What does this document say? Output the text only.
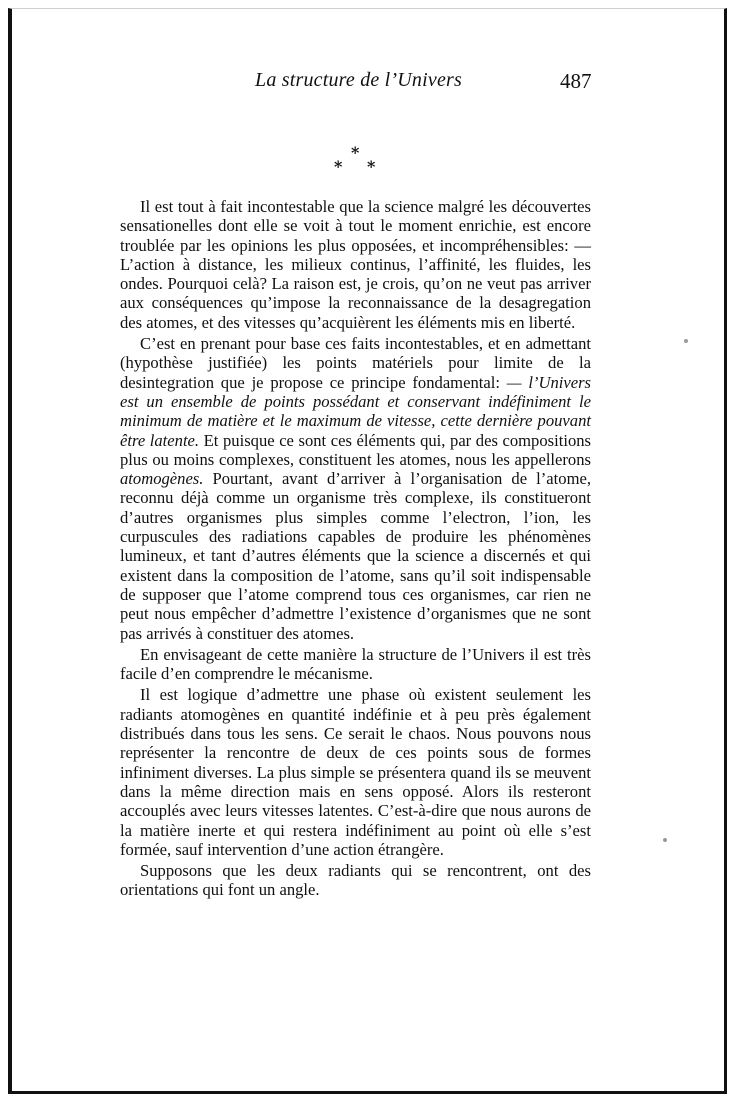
La structure de l’Univers	487
*
* *

Il est tout à fait incontestable que la science malgré les découvertes sensationelles dont elle se voit à tout le moment enrichie, est encore troublée par les opinions les plus opposées, et incompréhensibles: — L’action à distance, les milieux continus, l’affinité, les fluides, les ondes. Pourquoi celà? La raison est, je crois, qu’on ne veut pas arriver aux conséquences qu’impose la reconnaissance de la desagregation des atomes, et des vitesses qu’acquièrent les éléments mis en liberté.

C’est en prenant pour base ces faits incontestables, et en admettant (hypothèse justifiée) les points matériels pour limite de la desintegration que je propose ce principe fondamental: — l’Univers est un ensemble de points possédant et conservant indéfiniment le minimum de matière et le maximum de vitesse, cette dernière pouvant être latente. Et puisque ce sont ces éléments qui, par des compositions plus ou moins complexes, constituent les atomes, nous les appellerons atomogènes. Pourtant, avant d’arriver à l’organisation de l’atome, reconnu déjà comme un organisme très complexe, ils constitueront d’autres organismes plus simples comme l’electron, l’ion, les curpuscules des radiations capables de produire les phénomènes lumineux, et tant d’autres éléments que la science a discernés et qui existent dans la composition de l’atome, sans qu’il soit indispensable de supposer que l’atome comprend tous ces organismes, car rien ne peut nous empêcher d’admettre l’existence d’organismes que ne sont pas arrivés à constituer des atomes.

En envisageant de cette manière la structure de l’Univers il est très facile d’en comprendre le mécanisme.

Il est logique d’admettre une phase où existent seulement les radiants atomogènes en quantité indéfinie et à peu près également distribués dans tous les sens. Ce serait le chaos. Nous pouvons nous représenter la rencontre de deux de ces points sous de formes infiniment diverses. La plus simple se présentera quand ils se meuvent dans la même direction mais en sens opposé. Alors ils resteront accouplés avec leurs vitesses latentes. C’est-à-dire que nous aurons de la matière inerte et qui restera indéfiniment au point où elle s’est formée, sauf intervention d’une action étrangère.

Supposons que les deux radiants qui se rencontrent, ont des orientations qui font un angle.
